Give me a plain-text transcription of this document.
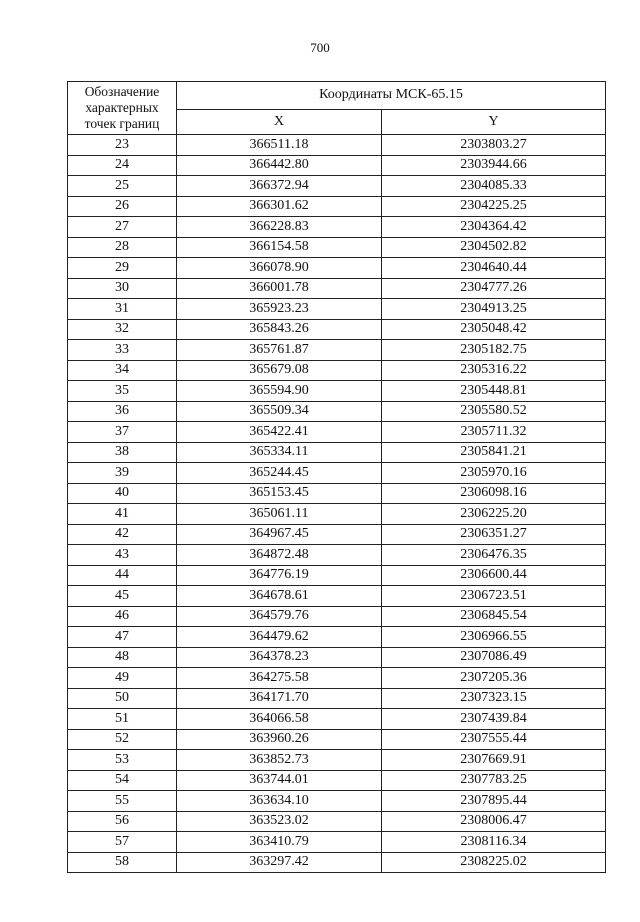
700
Обозначение характерных точек границ	Координаты МСК-65.15	
	X	Y
23	366511.18	2303803.27
24	366442.80	2303944.66
25	366372.94	2304085.33
26	366301.62	2304225.25
27	366228.83	2304364.42
28	366154.58	2304502.82
29	366078.90	2304640.44
30	366001.78	2304777.26
31	365923.23	2304913.25
32	365843.26	2305048.42
33	365761.87	2305182.75
34	365679.08	2305316.22
35	365594.90	2305448.81
36	365509.34	2305580.52
37	365422.41	2305711.32
38	365334.11	2305841.21
39	365244.45	2305970.16
40	365153.45	2306098.16
41	365061.11	2306225.20
42	364967.45	2306351.27
43	364872.48	2306476.35
44	364776.19	2306600.44
45	364678.61	2306723.51
46	364579.76	2306845.54
47	364479.62	2306966.55
48	364378.23	2307086.49
49	364275.58	2307205.36
50	364171.70	2307323.15
51	364066.58	2307439.84
52	363960.26	2307555.44
53	363852.73	2307669.91
54	363744.01	2307783.25
55	363634.10	2307895.44
56	363523.02	2308006.47
57	363410.79	2308116.34
58	363297.42	2308225.02
